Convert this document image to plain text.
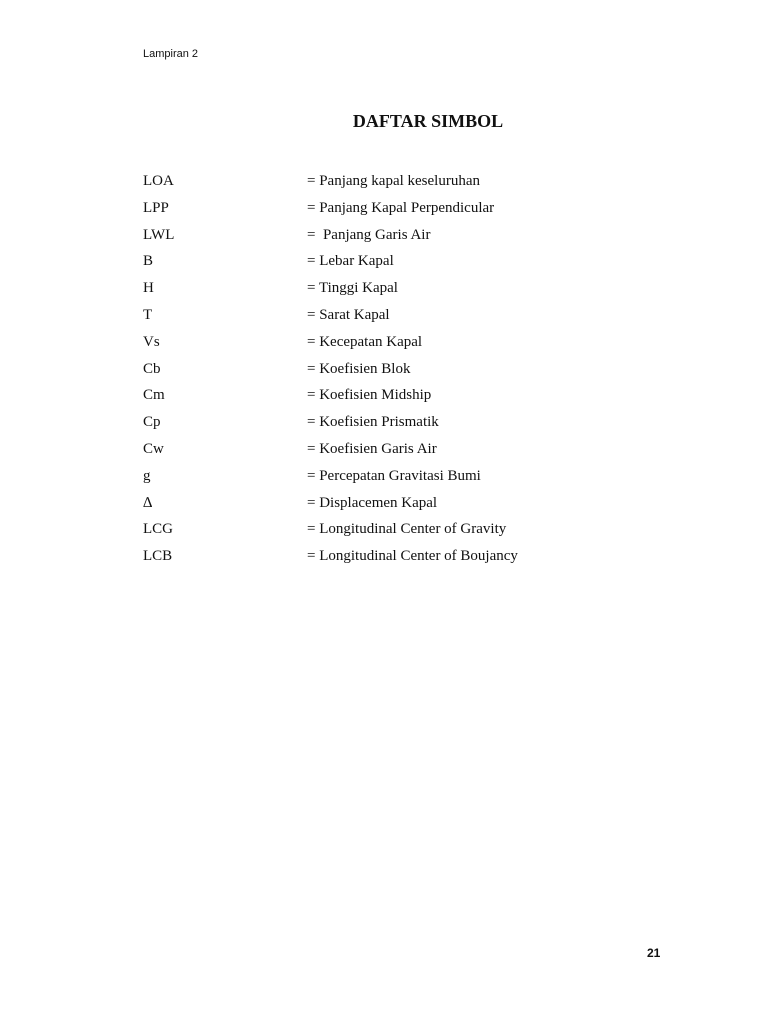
Lampiran 2
DAFTAR SIMBOL
LOA	= Panjang kapal keseluruhan
LPP	= Panjang Kapal Perpendicular
LWL	=  Panjang Garis Air
B	= Lebar Kapal
H	= Tinggi Kapal
T	= Sarat Kapal
Vs	= Kecepatan Kapal
Cb	= Koefisien Blok
Cm	= Koefisien Midship
Cp	= Koefisien Prismatik
Cw	= Koefisien Garis Air
g	= Percepatan Gravitasi Bumi
∆	= Displacemen Kapal
LCG	= Longitudinal Center of Gravity
LCB	= Longitudinal Center of Boujancy
21
